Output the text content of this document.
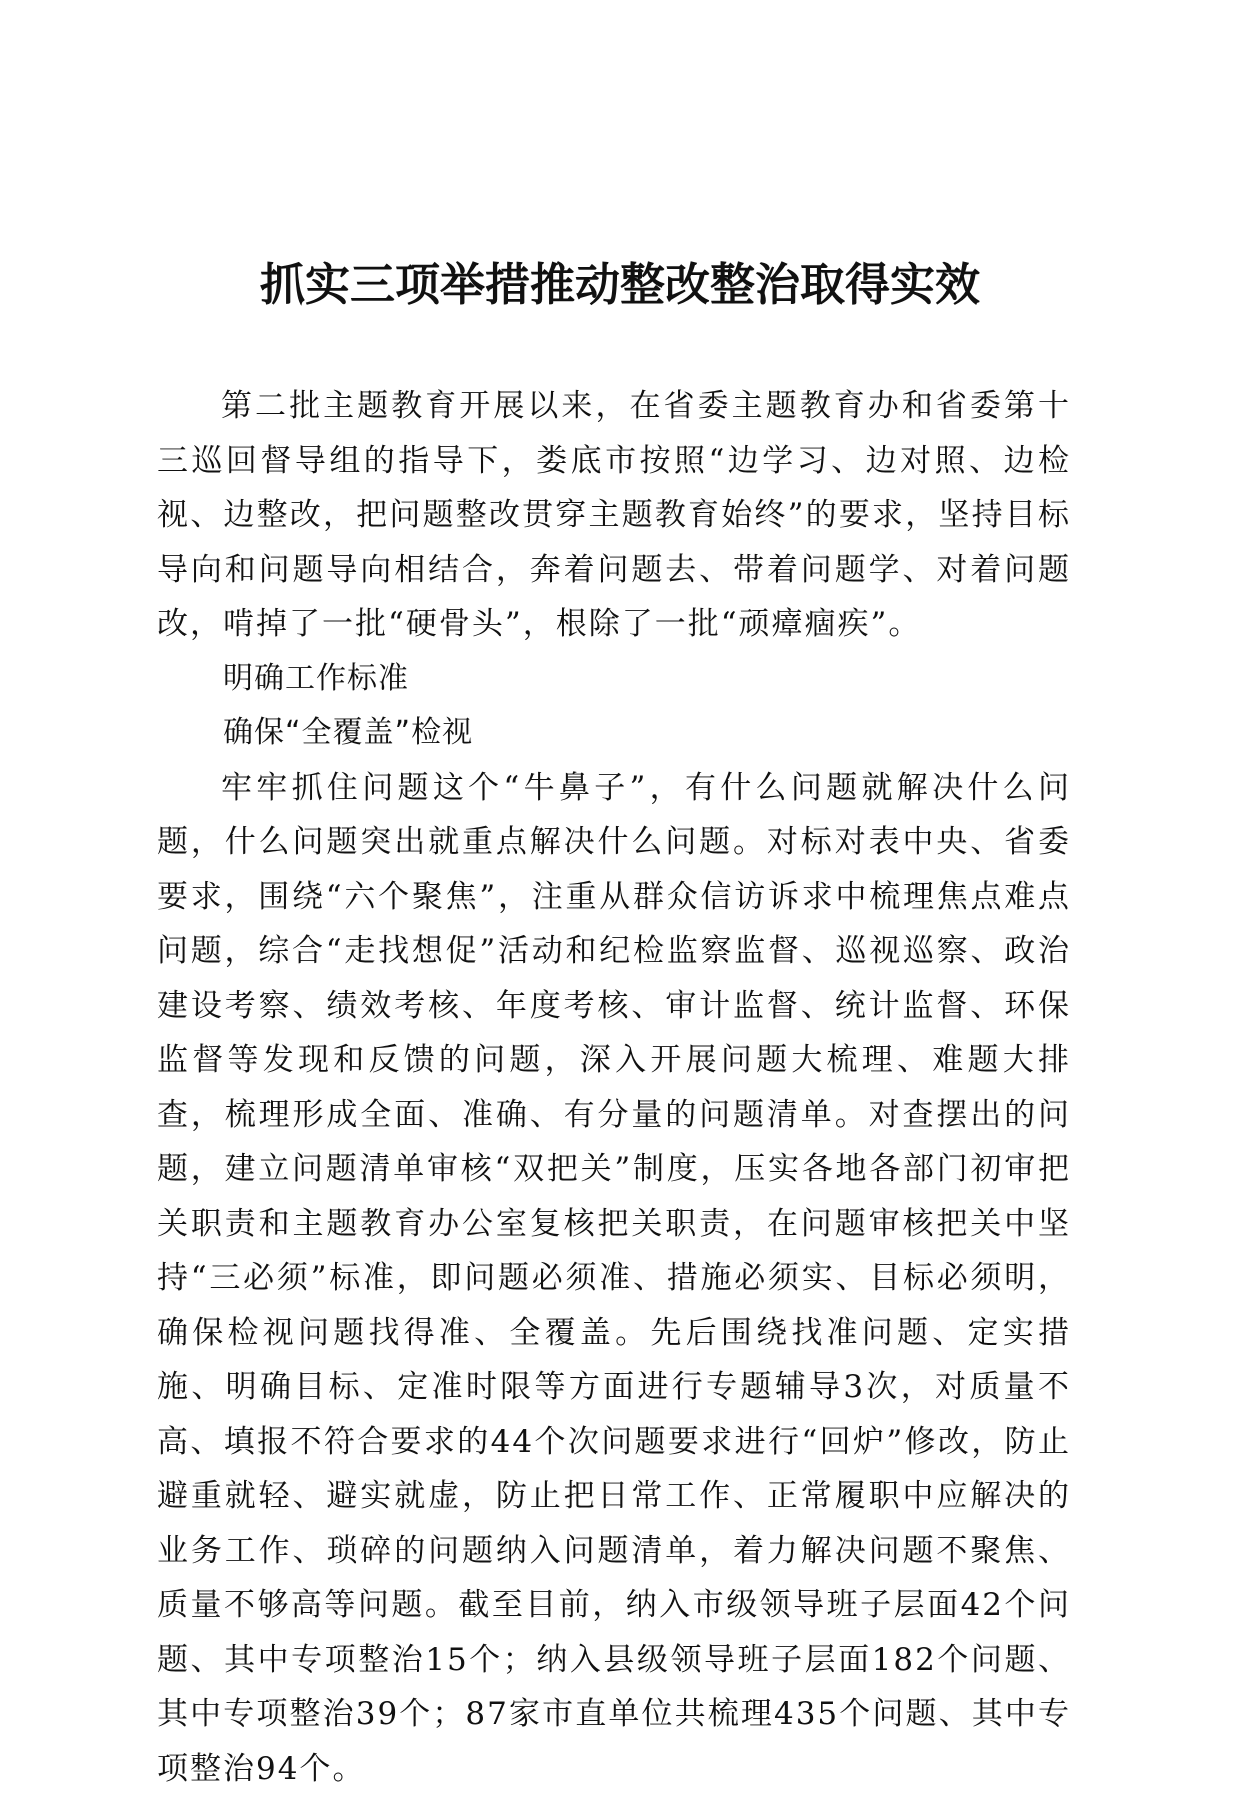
抓实三项举措推动整改整治取得实效

第二批主题教育开展以来，在省委主题教育办和省委第十三巡回督导组的指导下，娄底市按照“边学习、边对照、边检视、边整改，把问题整改贯穿主题教育始终”的要求，坚持目标导向和问题导向相结合，奔着问题去、带着问题学、对着问题改，啃掉了一批“硬骨头”，根除了一批“顽瘴痼疾”。

明确工作标准

确保“全覆盖”检视

牢牢抓住问题这个“牛鼻子”，有什么问题就解决什么问题，什么问题突出就重点解决什么问题。对标对表中央、省委要求，围绕“六个聚焦”，注重从群众信访诉求中梳理焦点难点问题，综合“走找想促”活动和纪检监察监督、巡视巡察、政治建设考察、绩效考核、年度考核、审计监督、统计监督、环保监督等发现和反馈的问题，深入开展问题大梳理、难题大排查，梳理形成全面、准确、有分量的问题清单。对查摆出的问题，建立问题清单审核“双把关”制度，压实各地各部门初审把关职责和主题教育办公室复核把关职责，在问题审核把关中坚持“三必须”标准，即问题必须准、措施必须实、目标必须明，确保检视问题找得准、全覆盖。先后围绕找准问题、定实措施、明确目标、定准时限等方面进行专题辅导3次，对质量不高、填报不符合要求的44个次问题要求进行“回炉”修改，防止避重就轻、避实就虚，防止把日常工作、正常履职中应解决的业务工作、琐碎的问题纳入问题清单，着力解决问题不聚焦、质量不够高等问题。截至目前，纳入市级领导班子层面42个问题、其中专项整治15个；纳入县级领导班子层面182个问题、其中专项整治39个；87家市直单位共梳理435个问题、其中专项整治94个。
